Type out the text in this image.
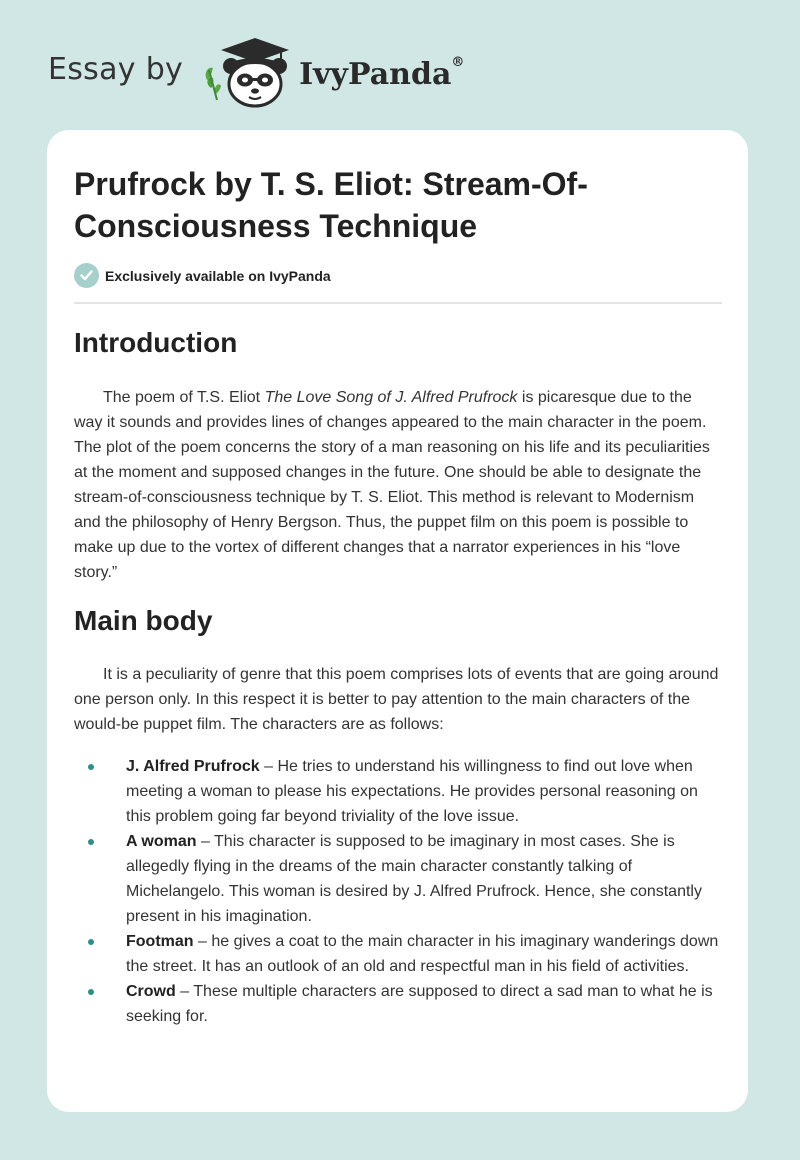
Essay by	IvyPanda®
Prufrock by T. S. Eliot: Stream-Of-Consciousness Technique
Exclusively available on IvyPanda
Introduction

The poem of T.S. Eliot The Love Song of J. Alfred Prufrock is picaresque due to the way it sounds and provides lines of changes appeared to the main character in the poem. The plot of the poem concerns the story of a man reasoning on his life and its peculiarities at the moment and supposed changes in the future. One should be able to designate the stream-of-consciousness technique by T. S. Eliot. This method is relevant to Modernism and the philosophy of Henry Bergson. Thus, the puppet film on this poem is possible to make up due to the vortex of different changes that a narrator experiences in his “love story.”

Main body

It is a peculiarity of genre that this poem comprises lots of events that are going around one person only. In this respect it is better to pay attention to the main characters of the would-be puppet film. The characters are as follows:

J. Alfred Prufrock – He tries to understand his willingness to find out love when meeting a woman to please his expectations. He provides personal reasoning on this problem going far beyond triviality of the love issue.
A woman – This character is supposed to be imaginary in most cases. She is allegedly flying in the dreams of the main character constantly talking of Michelangelo. This woman is desired by J. Alfred Prufrock. Hence, she constantly present in his imagination.
Footman – he gives a coat to the main character in his imaginary wanderings down the street. It has an outlook of an old and respectful man in his field of activities.
Crowd – These multiple characters are supposed to direct a sad man to what he is seeking for.
